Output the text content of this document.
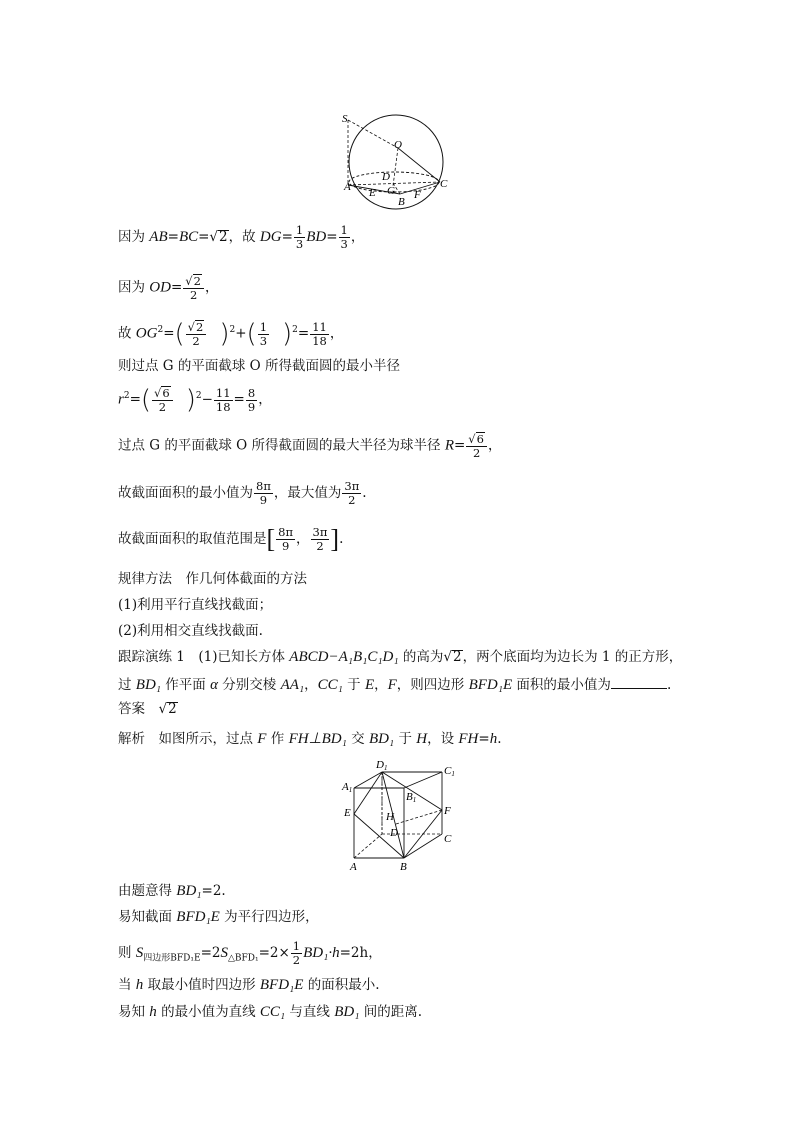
S
O
D
A	C
E G
B
F
因为 AB=BC=√2，故 $DG= \frac{1}{3} BD= \frac{1}{3}$ ，
因为 $OD= \frac{√2}{2}$ ，
故 $OG^2=( \frac{√2}{2} )^2+( \frac{1}{3} )^2= \frac{11}{18}$ ，
则过点 G 的平面截球 O 所得截面圆的最小半径
$r^2=( \frac{√6}{2} )^2- \frac{11}{18} = \frac{8}{9}$ ，
过点 G 的平面截球 O 所得截面圆的最大半径为球半径 $R= \frac{√6}{2}$ ，
故截面面积的最小值为 $\frac{8\pi}{9}$ ，最大值为 $\frac{3\pi}{2}$ .
故截面面积的取值范围是[ $\frac{8\pi}{9}$ ， $\frac{3\pi}{2}$ ].
规律方法　作几何体截面的方法
(1)利用平行直线找截面；
(2)利用相交直线找截面.
跟踪演练 1　(1)已知长方体 ABCD−A₁B₁C₁D₁ 的高为√2，两个底面均为边长为 1 的正方形，
过 BD₁ 作平面 α 分别交棱 AA₁，CC₁ 于 E，F，则四边形 BFD₁E 面积的最小值为	.
答案　√2
解析　如图所示，过点 F 作 FH⊥BD₁ 交 BD₁ 于 H，设 FH=h.
D1	C1
A1
B1
E	F
H
D	C
A	B
由题意得 BD₁=2.
易知截面 BFD₁E 为平行四边形，
则 $S_{四边形BFD_1E}=2S_{\triangle BFD_1}=2\times \frac{1}{2} BD_1\cdot h=2h$，
当 h 取最小值时四边形 BFD₁E 的面积最小.
易知 h 的最小值为直线 CC₁ 与直线 BD₁ 间的距离.
